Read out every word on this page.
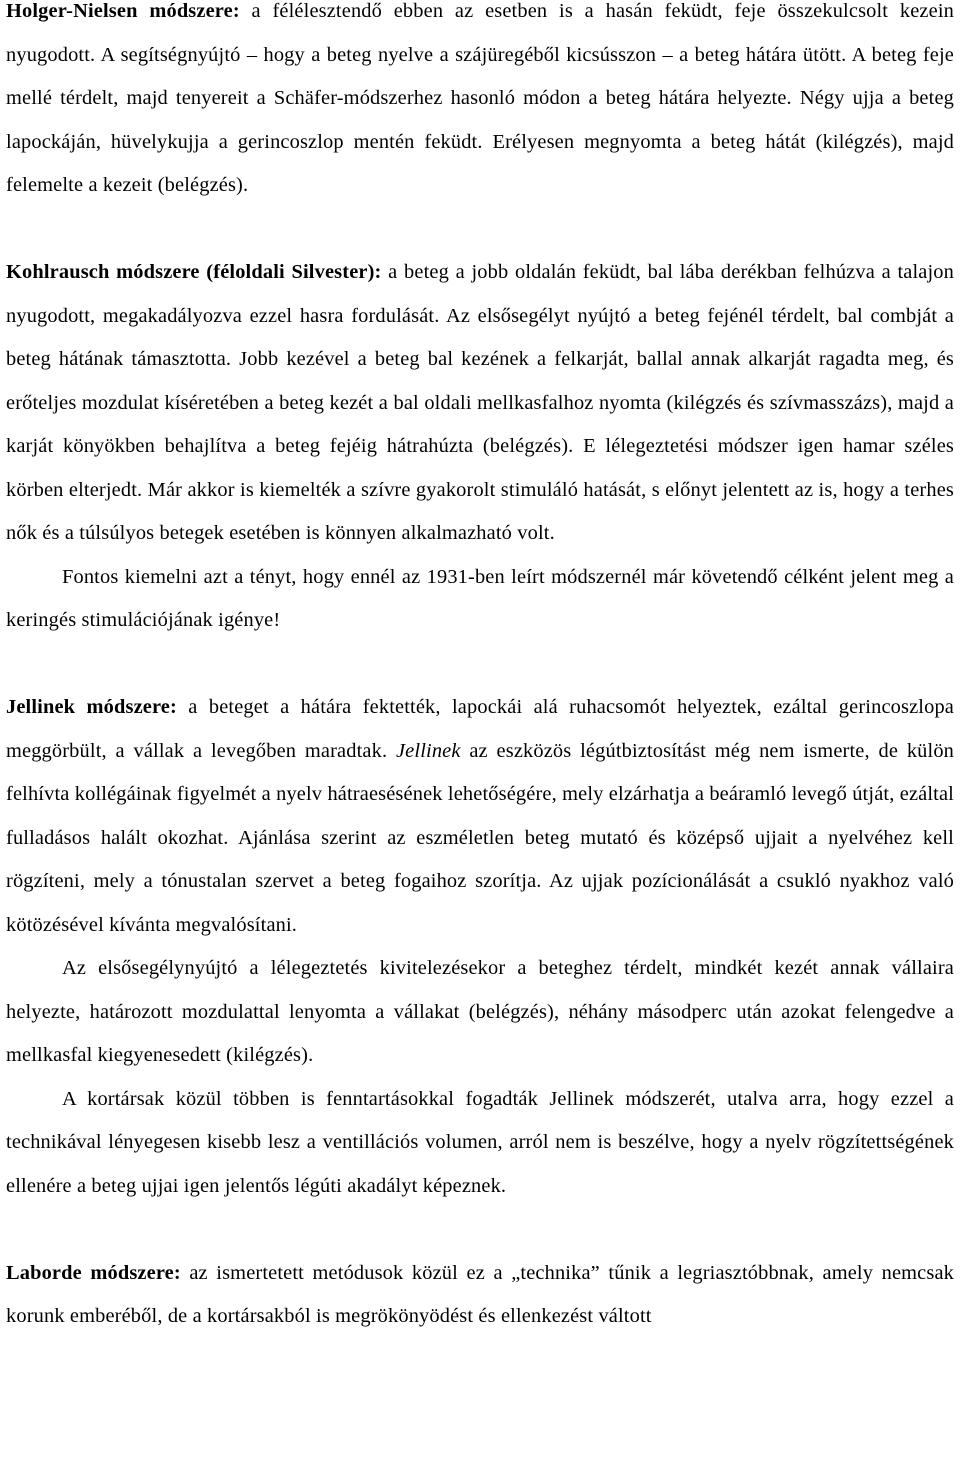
Holger-Nielsen módszere: a félélesztendő ebben az esetben is a hasán feküdt, feje összekulcsolt kezein nyugodott. A segítségnyújtó – hogy a beteg nyelve a szájüregéből kicsússzon – a beteg hátára ütött. A beteg feje mellé térdelt, majd tenyereit a Schäfer-módszerhez hasonló módon a beteg hátára helyezte. Négy ujja a beteg lapockáján, hüvelykujja a gerincoszlop mentén feküdt. Erélyesen megnyomta a beteg hátát (kilégzés), majd felemelte a kezeit (belégzés).

Kohlrausch módszere (féloldali Silvester): a beteg a jobb oldalán feküdt, bal lába derékban felhúzva a talajon nyugodott, megakadályozva ezzel hasra fordulását. Az elsősegélyt nyújtó a beteg fejénél térdelt, bal combját a beteg hátának támasztotta. Jobb kezével a beteg bal kezének a felkarját, ballal annak alkarját ragadta meg, és erőteljes mozdulat kíséretében a beteg kezét a bal oldali mellkasfalhoz nyomta (kilégzés és szívmasszázs), majd a karját könyökben behajlítva a beteg fejéig hátrahúzta (belégzés). E lélegeztetési módszer igen hamar széles körben elterjedt. Már akkor is kiemelték a szívre gyakorolt stimuláló hatását, s előnyt jelentett az is, hogy a terhes nők és a túlsúlyos betegek esetében is könnyen alkalmazható volt.

Fontos kiemelni azt a tényt, hogy ennél az 1931-ben leírt módszernél már követendő célként jelent meg a keringés stimulációjának igénye!

Jellinek módszere: a beteget a hátára fektették, lapockái alá ruhacsomót helyeztek, ezáltal gerincoszlopa meggörbült, a vállak a levegőben maradtak. Jellinek az eszközös légútbiztosítást még nem ismerte, de külön felhívta kollégáinak figyelmét a nyelv hátraesésének lehetőségére, mely elzárhatja a beáramló levegő útját, ezáltal fulladásos halált okozhat. Ajánlása szerint az eszméletlen beteg mutató és középső ujjait a nyelvéhez kell rögzíteni, mely a tónustalan szervet a beteg fogaihoz szorítja. Az ujjak pozícionálását a csukló nyakhoz való kötözésével kívánta megvalósítani.

Az elsősegélynyújtó a lélegeztetés kivitelezésekor a beteghez térdelt, mindkét kezét annak vállaira helyezte, határozott mozdulattal lenyomta a vállakat (belégzés), néhány másodperc után azokat felengedve a mellkasfal kiegyenesedett (kilégzés).

A kortársak közül többen is fenntartásokkal fogadták Jellinek módszerét, utalva arra, hogy ezzel a technikával lényegesen kisebb lesz a ventillációs volumen, arról nem is beszélve, hogy a nyelv rögzítettségének ellenére a beteg ujjai igen jelentős légúti akadályt képeznek.

Laborde módszere: az ismertetett metódusok közül ez a „technika” tűnik a legriasztóbbnak, amely nemcsak korunk emberéből, de a kortársakból is megrökönyödést és ellenkezést váltott
